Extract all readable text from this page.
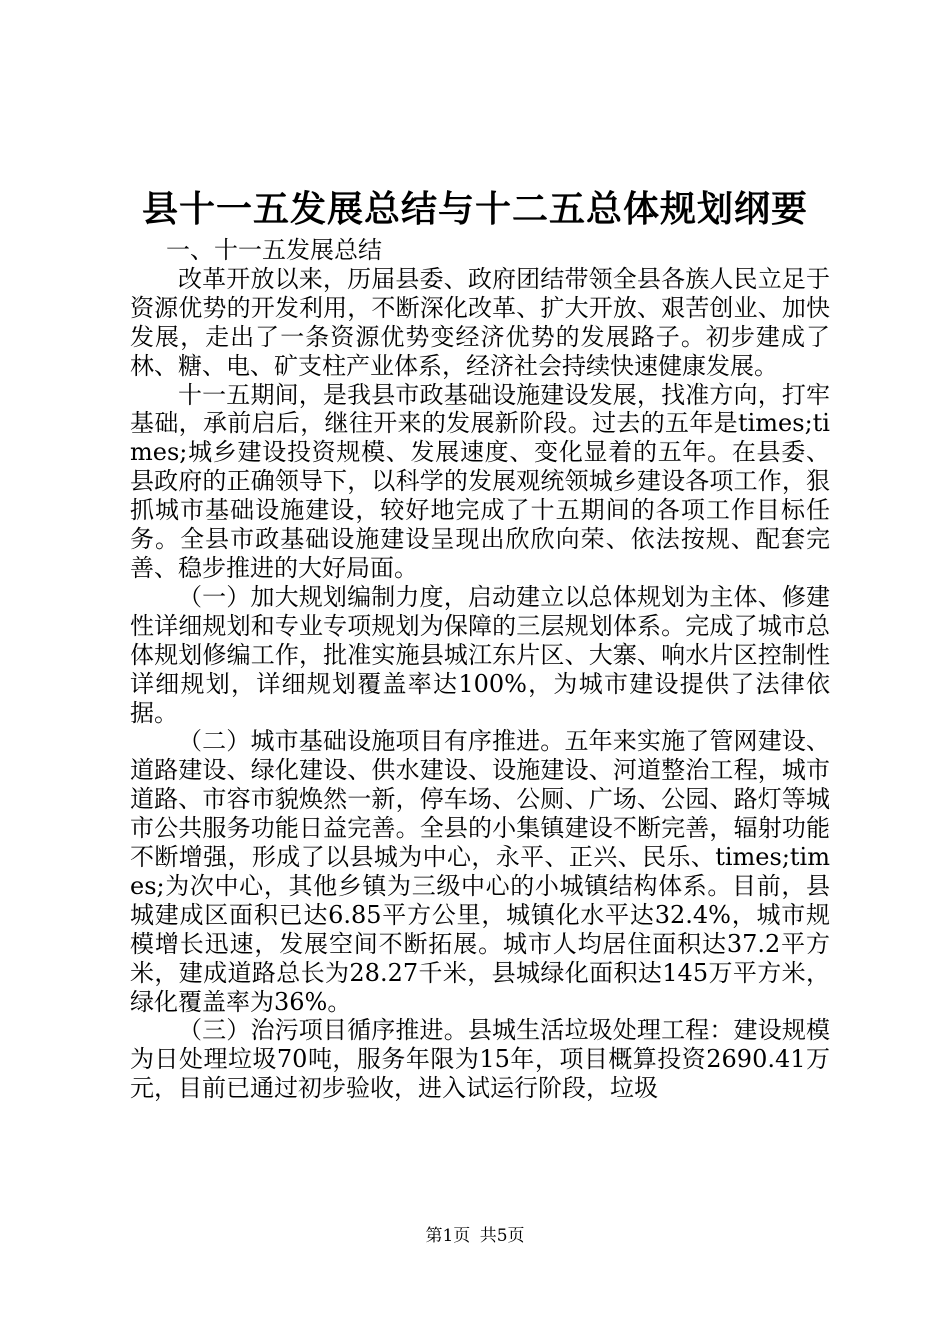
县十一五发展总结与十二五总体规划纲要

一、十一五发展总结

改革开放以来，历届县委、政府团结带领全县各族人民立足于资源优势的开发利用，不断深化改革、扩大开放、艰苦创业、加快发展，走出了一条资源优势变经济优势的发展路子。初步建成了林、糖、电、矿支柱产业体系，经济社会持续快速健康发展。

十一五期间，是我县市政基础设施建设发展，找准方向，打牢基础，承前启后，继往开来的发展新阶段。过去的五年是times;times;城乡建设投资规模、发展速度、变化显着的五年。在县委、县政府的正确领导下，以科学的发展观统领城乡建设各项工作，狠抓城市基础设施建设，较好地完成了十五期间的各项工作目标任务。全县市政基础设施建设呈现出欣欣向荣、依法按规、配套完善、稳步推进的大好局面。

（一）加大规划编制力度，启动建立以总体规划为主体、修建性详细规划和专业专项规划为保障的三层规划体系。完成了城市总体规划修编工作，批准实施县城江东片区、大寨、响水片区控制性详细规划，详细规划覆盖率达100%，为城市建设提供了法律依据。

（二）城市基础设施项目有序推进。五年来实施了管网建设、道路建设、绿化建设、供水建设、设施建设、河道整治工程，城市道路、市容市貌焕然一新，停车场、公厕、广场、公园、路灯等城市公共服务功能日益完善。全县的小集镇建设不断完善，辐射功能不断增强，形成了以县城为中心，永平、正兴、民乐、times;times;为次中心，其他乡镇为三级中心的小城镇结构体系。目前，县城建成区面积已达6.85平方公里，城镇化水平达32.4%，城市规模增长迅速，发展空间不断拓展。城市人均居住面积达37.2平方米，建成道路总长为28.27千米，县城绿化面积达145万平方米，绿化覆盖率为36%。

（三）治污项目循序推进。县城生活垃圾处理工程：建设规模为日处理垃圾70吨，服务年限为15年，项目概算投资2690.41万元，目前已通过初步验收，进入试运行阶段，垃圾

第1页 共5页
